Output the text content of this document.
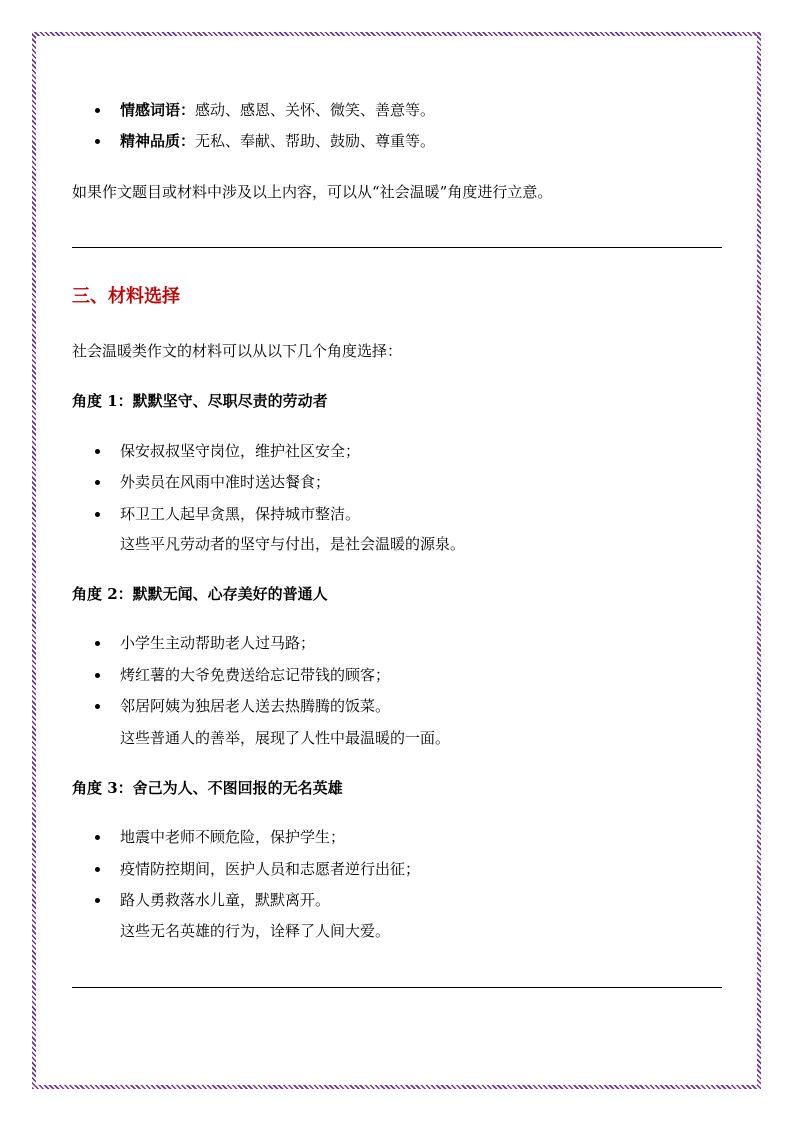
情感词语：感动、感恩、关怀、微笑、善意等。
精神品质：无私、奉献、帮助、鼓励、尊重等。
如果作文题目或材料中涉及以上内容，可以从“社会温暖”角度进行立意。
三、材料选择
社会温暖类作文的材料可以从以下几个角度选择：
角度 1：默默坚守、尽职尽责的劳动者
保安叔叔坚守岗位，维护社区安全；
外卖员在风雨中准时送达餐食；
环卫工人起早贪黑，保持城市整洁。
这些平凡劳动者的坚守与付出，是社会温暖的源泉。
角度 2：默默无闻、心存美好的普通人
小学生主动帮助老人过马路；
烤红薯的大爷免费送给忘记带钱的顾客；
邻居阿姨为独居老人送去热腾腾的饭菜。
这些普通人的善举，展现了人性中最温暖的一面。
角度 3：舍己为人、不图回报的无名英雄
地震中老师不顾危险，保护学生；
疫情防控期间，医护人员和志愿者逆行出征；
路人勇救落水儿童，默默离开。
这些无名英雄的行为，诠释了人间大爱。
